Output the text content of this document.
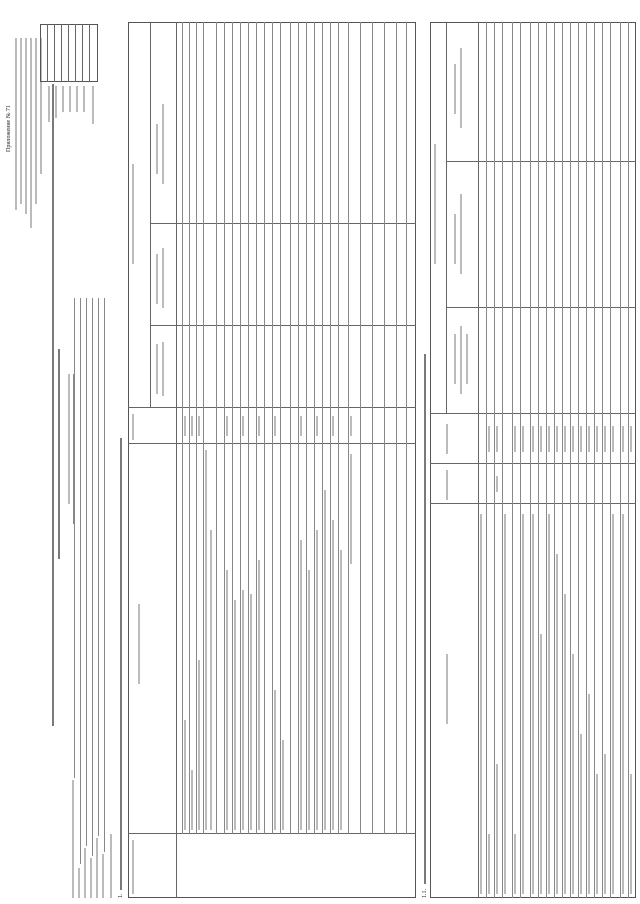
Приложение № 71
1.	1.1.
